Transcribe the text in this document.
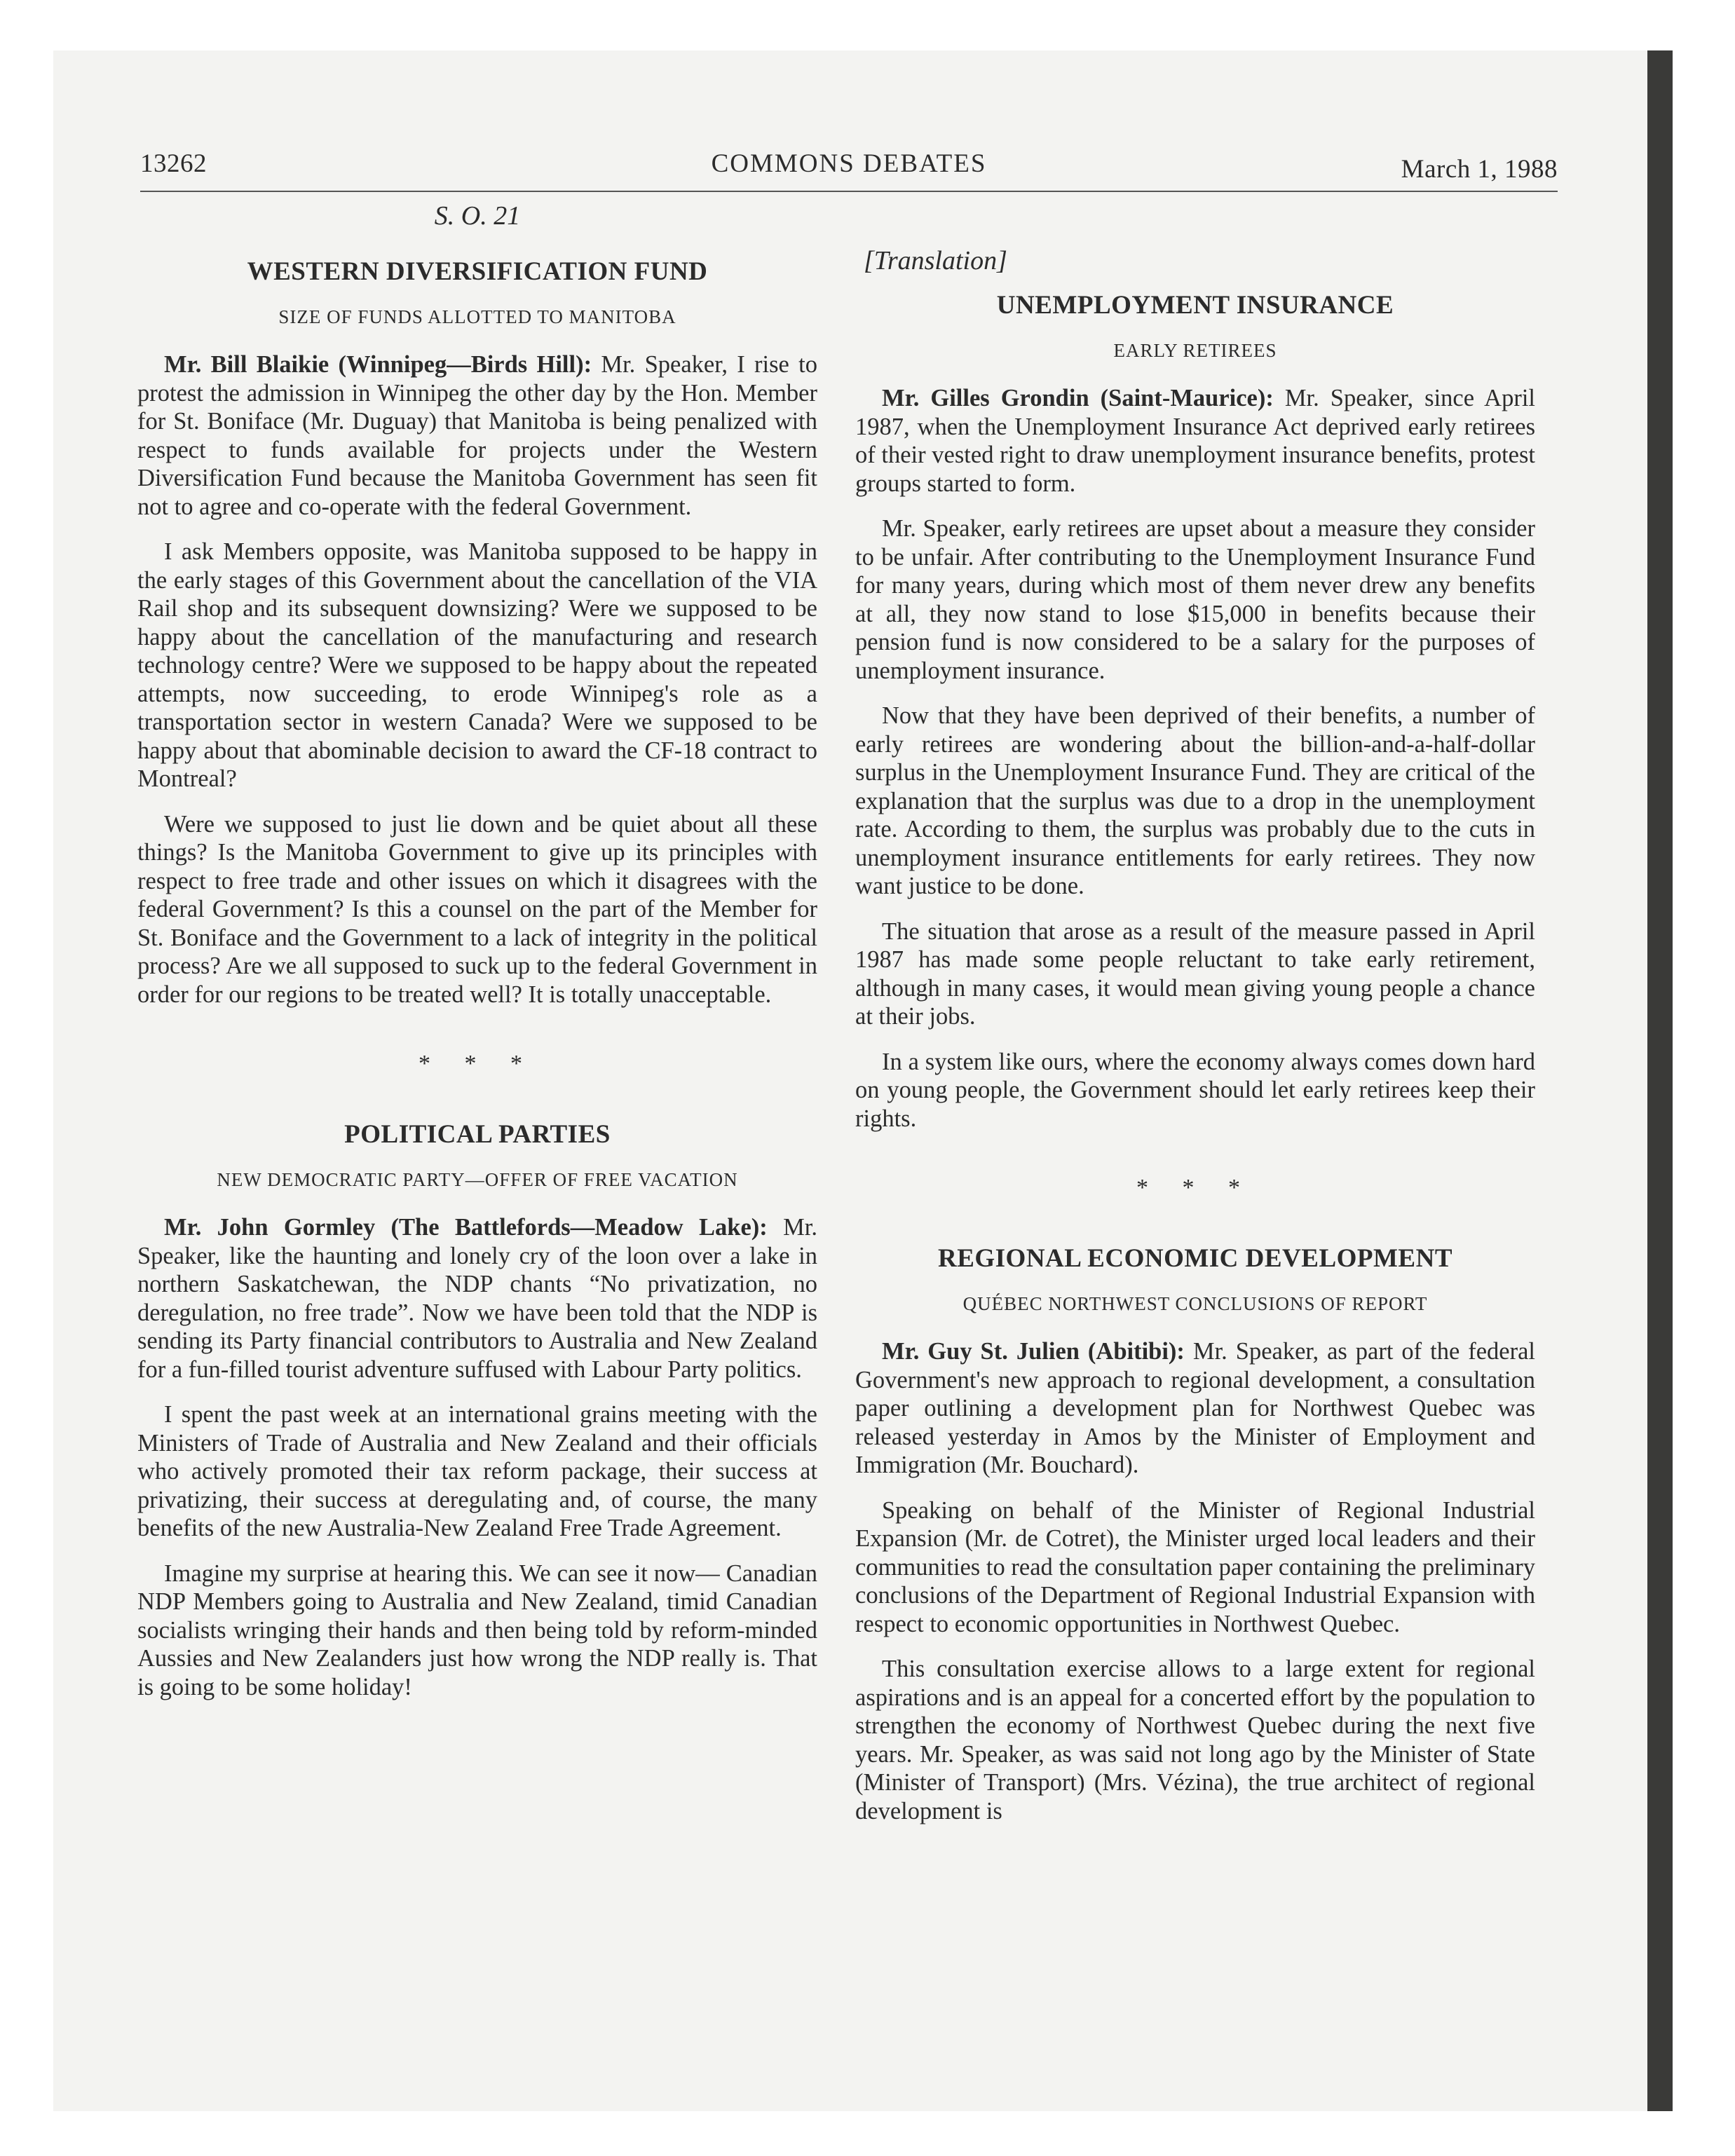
13262	COMMONS DEBATES	March 1, 1988
S. O. 21
WESTERN DIVERSIFICATION FUND
SIZE OF FUNDS ALLOTTED TO MANITOBA

Mr. Bill Blaikie (Winnipeg—Birds Hill): Mr. Speaker, I rise to protest the admission in Winnipeg the other day by the Hon. Member for St. Boniface (Mr. Duguay) that Manitoba is being penalized with respect to funds available for projects under the Western Diversification Fund because the Manitoba Government has seen fit not to agree and co-operate with the federal Government.

I ask Members opposite, was Manitoba supposed to be happy in the early stages of this Government about the cancellation of the VIA Rail shop and its subsequent downsizing? Were we supposed to be happy about the cancellation of the manufacturing and research technology centre? Were we supposed to be happy about the repeated attempts, now succeeding, to erode Winnipeg's role as a transportation sector in western Canada? Were we supposed to be happy about that abominable decision to award the CF-18 contract to Montreal?

Were we supposed to just lie down and be quiet about all these things? Is the Manitoba Government to give up its principles with respect to free trade and other issues on which it disagrees with the federal Government? Is this a counsel on the part of the Member for St. Boniface and the Government to a lack of integrity in the political process? Are we all supposed to suck up to the federal Government in order for our regions to be treated well? It is totally unacceptable.

* * *
POLITICAL PARTIES
NEW DEMOCRATIC PARTY—OFFER OF FREE VACATION

Mr. John Gormley (The Battlefords—Meadow Lake): Mr. Speaker, like the haunting and lonely cry of the loon over a lake in northern Saskatchewan, the NDP chants “No privatization, no deregulation, no free trade”. Now we have been told that the NDP is sending its Party financial contributors to Australia and New Zealand for a fun-filled tourist adventure suffused with Labour Party politics.

I spent the past week at an international grains meeting with the Ministers of Trade of Australia and New Zealand and their officials who actively promoted their tax reform package, their success at privatizing, their success at deregulating and, of course, the many benefits of the new Australia-New Zealand Free Trade Agreement.

Imagine my surprise at hearing this. We can see it now— Canadian NDP Members going to Australia and New Zealand, timid Canadian socialists wringing their hands and then being told by reform-minded Aussies and New Zealanders just how wrong the NDP really is. That is going to be some holiday!

[Translation]
UNEMPLOYMENT INSURANCE
EARLY RETIREES

Mr. Gilles Grondin (Saint-Maurice): Mr. Speaker, since April 1987, when the Unemployment Insurance Act deprived early retirees of their vested right to draw unemployment insurance benefits, protest groups started to form.

Mr. Speaker, early retirees are upset about a measure they consider to be unfair. After contributing to the Unemployment Insurance Fund for many years, during which most of them never drew any benefits at all, they now stand to lose $15,000 in benefits because their pension fund is now considered to be a salary for the purposes of unemployment insurance.

Now that they have been deprived of their benefits, a number of early retirees are wondering about the billion-and-a-half-dollar surplus in the Unemployment Insurance Fund. They are critical of the explanation that the surplus was due to a drop in the unemployment rate. According to them, the surplus was probably due to the cuts in unemployment insurance entitlements for early retirees. They now want justice to be done.

The situation that arose as a result of the measure passed in April 1987 has made some people reluctant to take early retirement, although in many cases, it would mean giving young people a chance at their jobs.

In a system like ours, where the economy always comes down hard on young people, the Government should let early retirees keep their rights.

* * *
REGIONAL ECONOMIC DEVELOPMENT
QUÉBEC NORTHWEST CONCLUSIONS OF REPORT

Mr. Guy St. Julien (Abitibi): Mr. Speaker, as part of the federal Government's new approach to regional development, a consultation paper outlining a development plan for Northwest Quebec was released yesterday in Amos by the Minister of Employment and Immigration (Mr. Bouchard).

Speaking on behalf of the Minister of Regional Industrial Expansion (Mr. de Cotret), the Minister urged local leaders and their communities to read the consultation paper containing the preliminary conclusions of the Department of Regional Industrial Expansion with respect to economic opportunities in Northwest Quebec.

This consultation exercise allows to a large extent for regional aspirations and is an appeal for a concerted effort by the population to strengthen the economy of Northwest Quebec during the next five years. Mr. Speaker, as was said not long ago by the Minister of State (Minister of Transport) (Mrs. Vézina), the true architect of regional development is
